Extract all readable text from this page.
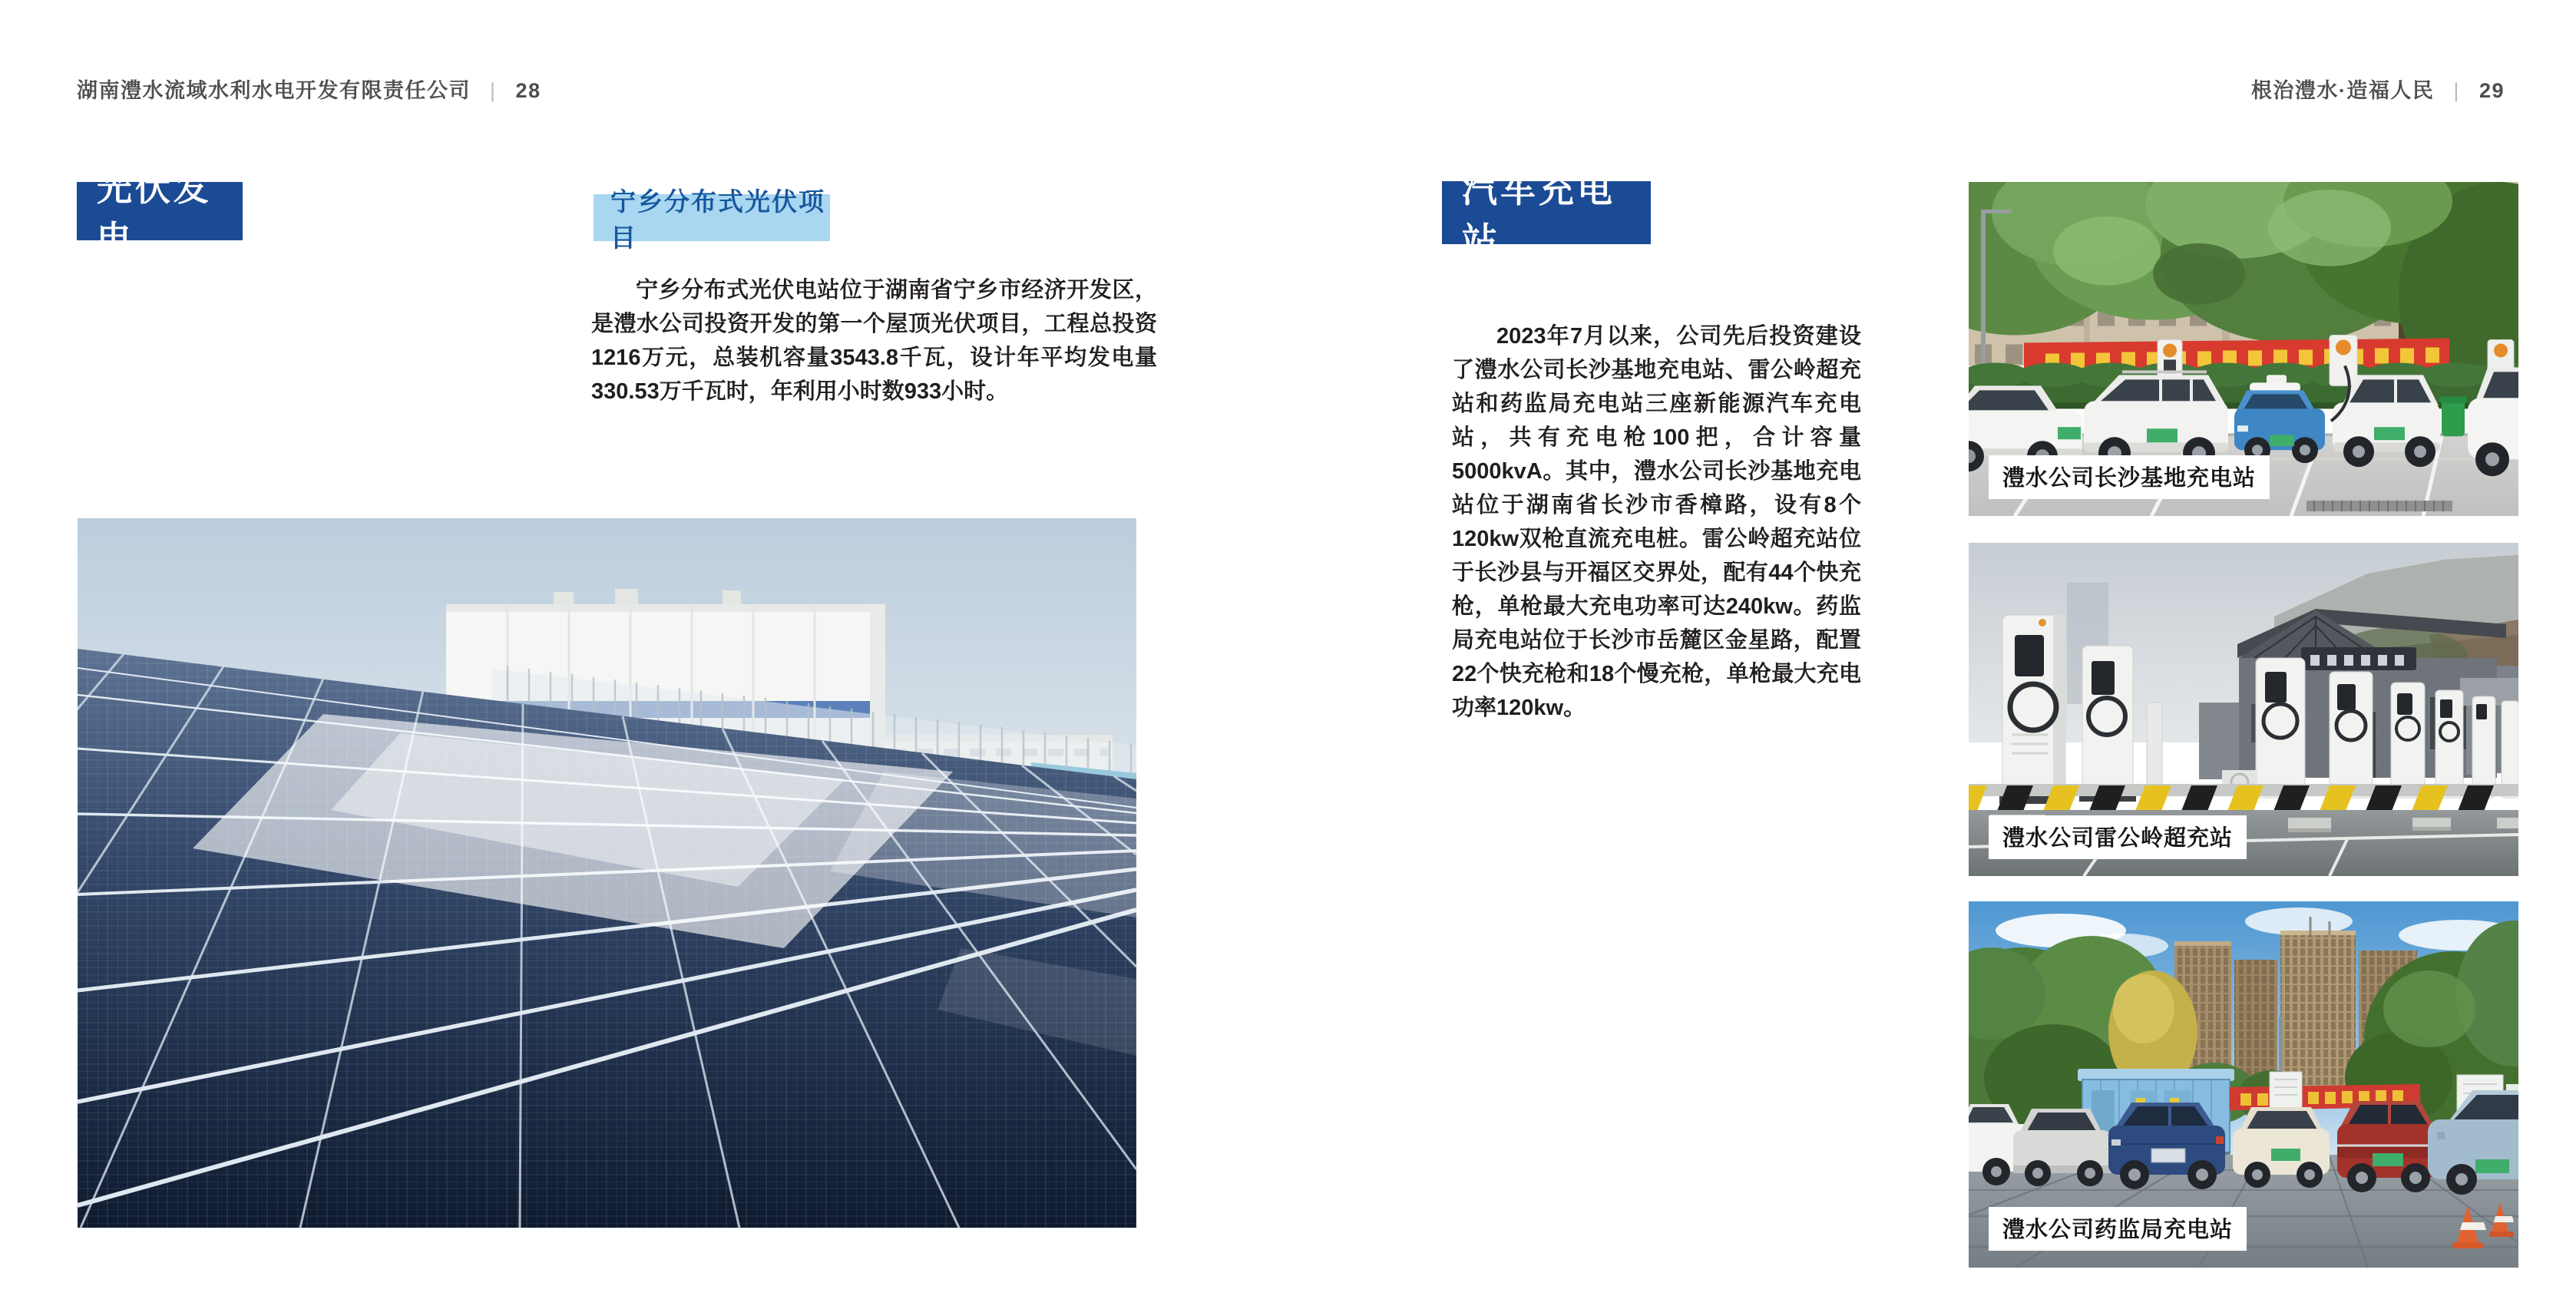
湖南澧水流域水利水电开发有限责任公司 | 28
光伏发电
宁乡分布式光伏项目

宁乡分布式光伏电站位于湖南省宁乡市经济开发区，是澧水公司投资开发的第一个屋顶光伏项目，工程总投资1216万元，总装机容量3543.8千瓦，设计年平均发电量330.53万千瓦时，年利用小时数933小时。

根治澧水·造福人民 | 29
汽车充电站

2023年7月以来，公司先后投资建设了澧水公司长沙基地充电站、雷公岭超充站和药监局充电站三座新能源汽车充电站，共有充电枪100把，合计容量5000kvA。其中，澧水公司长沙基地充电站位于湖南省长沙市香樟路，设有8个120kw双枪直流充电桩。雷公岭超充站位于长沙县与开福区交界处，配有44个快充枪，单枪最大充电功率可达240kw。药监局充电站位于长沙市岳麓区金星路，配置22个快充枪和18个慢充枪，单枪最大充电功率120kw。

澧水公司长沙基地充电站
澧水公司雷公岭超充站
澧水公司药监局充电站
